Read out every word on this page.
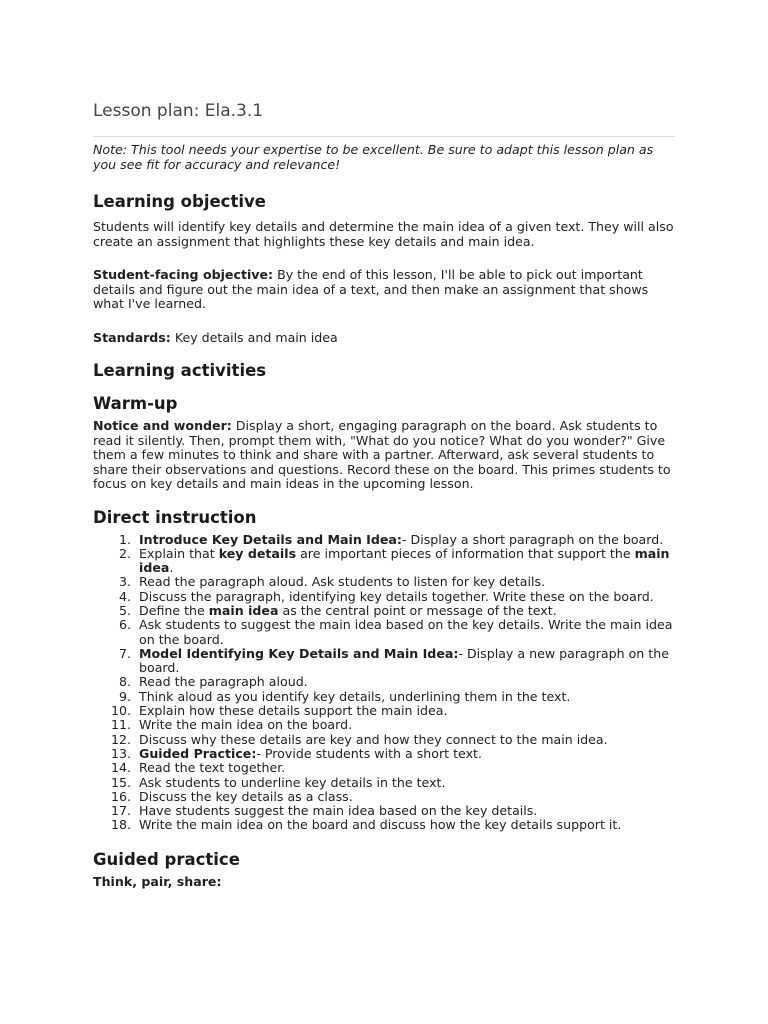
Lesson plan: Ela.3.1

Note: This tool needs your expertise to be excellent. Be sure to adapt this lesson plan as you see fit for accuracy and relevance!

Learning objective

Students will identify key details and determine the main idea of a given text. They will also create an assignment that highlights these key details and main idea.

Student-facing objective: By the end of this lesson, I'll be able to pick out important details and figure out the main idea of a text, and then make an assignment that shows what I've learned.

Standards: Key details and main idea

Learning activities
Warm-up

Notice and wonder: Display a short, engaging paragraph on the board. Ask students to read it silently. Then, prompt them with, "What do you notice? What do you wonder?" Give them a few minutes to think and share with a partner. Afterward, ask several students to share their observations and questions. Record these on the board. This primes students to focus on key details and main ideas in the upcoming lesson.

Direct instruction
1. Introduce Key Details and Main Idea:- Display a short paragraph on the board.
2. Explain that key details are important pieces of information that support the main idea.
3. Read the paragraph aloud. Ask students to listen for key details.
4. Discuss the paragraph, identifying key details together. Write these on the board.
5. Define the main idea as the central point or message of the text.
6. Ask students to suggest the main idea based on the key details. Write the main idea on the board.
7. Model Identifying Key Details and Main Idea:- Display a new paragraph on the board.
8. Read the paragraph aloud.
9. Think aloud as you identify key details, underlining them in the text.
10. Explain how these details support the main idea.
11. Write the main idea on the board.
12. Discuss why these details are key and how they connect to the main idea.
13. Guided Practice:- Provide students with a short text.
14. Read the text together.
15. Ask students to underline key details in the text.
16. Discuss the key details as a class.
17. Have students suggest the main idea based on the key details.
18. Write the main idea on the board and discuss how the key details support it.
Guided practice

Think, pair, share:
